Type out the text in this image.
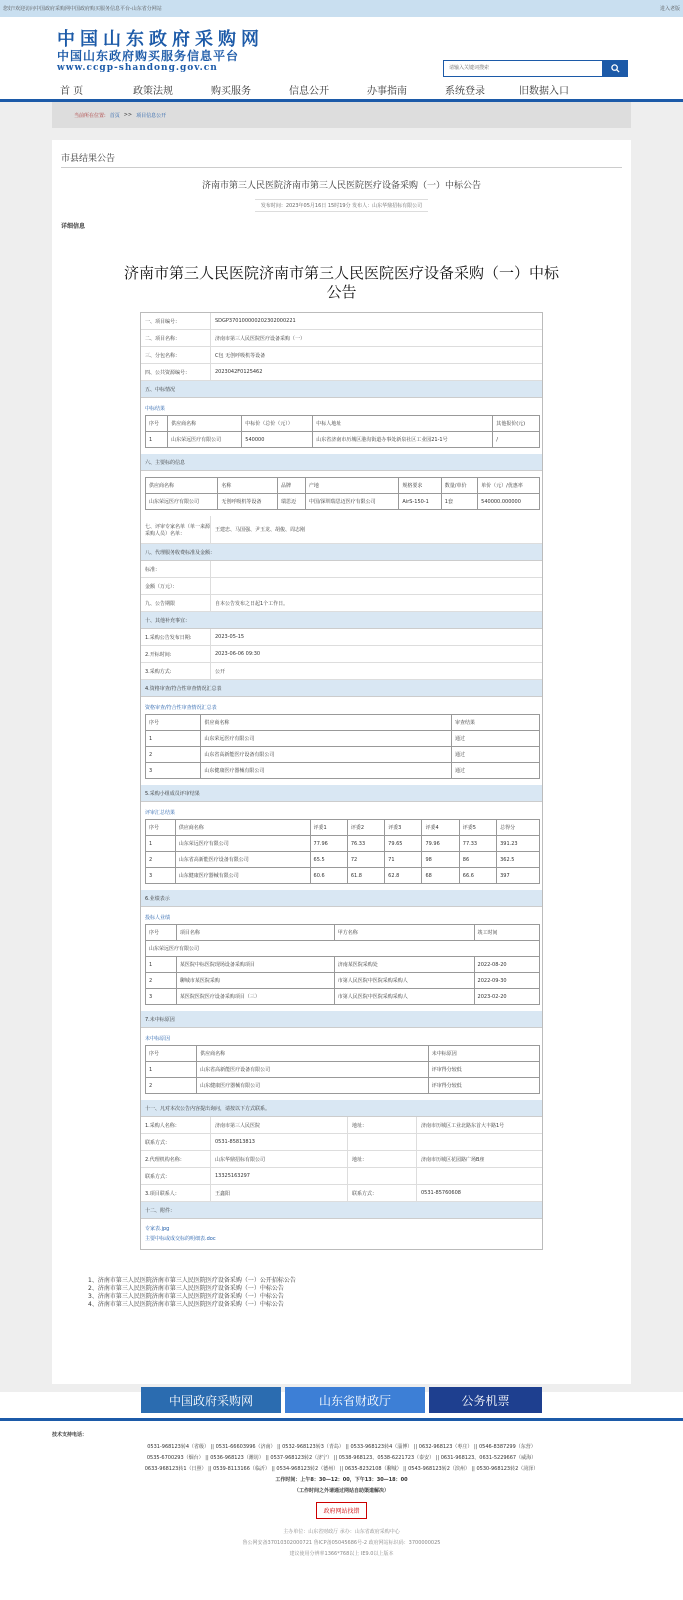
您好!欢迎访问中国政府采购网中国政府购买服务信息平台-山东省分网站	进入老版
中国山东政府采购网
中国山东政府购买服务信息平台
www.ccgp-shandong.gov.cn	请输入关键词搜索
首 页	政策法规	购买服务	信息公开	办事指南	系统登录	旧数据入口
当前所在位置: 首页 >> 项目信息公开
市县结果公告
济南市第三人民医院济南市第三人民医院医疗设备采购（一）中标公告
发布时间：2023年05月16日 15时19分 发布人：山东华鼎招标有限公司
详细信息
济南市第三人民医院济南市第三人民医院医疗设备采购（一）中标公告
一、项目编号：	SDGP370100000202302000221
二、项目名称：	济南市第三人民医院医疗设备采购（一）
三、分包名称：	C包 无创呼吸机等设备
四、公共资源编号：	2023042F0125462
五、中标情况
中标结果
序号	供应商名称	中标价（总价（元））	中标人地址	其他报价(元)
1	山东荣远医疗有限公司	540000	山东省济南市历城区港沟街道办事处新泉社区工业园21-1号	/
六、主要标的信息
供应商名称	名称	品牌	产地	规格要求	数量/单价	单价（元）/优惠率
山东荣远医疗有限公司	无创呼吸机等设备	瑞思迈	中国/深圳瑞思迈医疗有限公司	AirS-150-1	1套	540000.000000
七、评审专家名单（单一来源采购人员）名单：
王建忠、马国强、尹玉龙、胡俊、周志刚
八、代理服务收费标准及金额：
标准：
金额（万元）：
九、公告期限	自本公告发布之日起1个工作日。
十、其他补充事宜：
1.采购公告发布日期:	2023-05-15
2.开标时间:	2023-06-06 09:30
3.采购方式:	公开
4.资格审查/符合性审查情况汇总表
资格审查/符合性审查情况汇总表
序号	供应商名称	审查结果
1	山东荣远医疗有限公司	通过
2	山东省高新能医疗设备有限公司	通过
3	山东健康医疗器械有限公司	通过
5.采购小组成员评审结果
评审汇总结果
序号	供应商名称	评委1	评委2	评委3	评委4	评委5	总得分
1	山东荣远医疗有限公司	77.96	76.33	79.65	79.96	77.33	391.23
2	山东省高新能医疗设备有限公司	65.5	72	71	98	86	362.5
3	山东健康医疗器械有限公司	60.6	61.8	62.8	68	66.6	397
6.业绩表示
投标人业绩
序号	项目名称	甲方名称	竣工时间
山东荣远医疗有限公司			
1	某医院中标医院现场设备采购项目	济南某医院采购处	2022-08-20
2	聊城市某医院采购	市第人民医院中医院采购采购人	2022-09-30
3	某医院医院医疗设备采购项目（三）	市第人民医院中医院采购采购人	2023-02-20
7.未中标原因
未中标原因
序号	供应商名称	未中标原因
1	山东省高新能医疗设备有限公司	评审得分较低
2	山东健康医疗器械有限公司	评审得分较低
十一、凡对本次公告内容提出询问，请按以下方式联系。
1.采购人名称：	济南市第三人民医院	地址：	济南市历城区工业北路东首大丰路1号
联系方式：	0531-85813813
2.代理机构名称：	山东华鼎招标有限公司	地址：	济南市历城区花园路广场B座
联系方式：	13325163297
3.项目联系人：	王鑫阳	联系方式：	0531-85760608
十二、附件：
专家表.jpg
主要中标或成交标的明细表.doc
1、济南市第三人民医院济南市第三人民医院医疗设备采购（一）公开招标公告
2、济南市第三人民医院济南市第三人民医院医疗设备采购（一）中标公告
3、济南市第三人民医院济南市第三人民医院医疗设备采购（一）中标公告
4、济南市第三人民医院济南市第三人民医院医疗设备采购（一）中标公告
中国政府采购网	山东省财政厅	公务机票
技术支持电话：
0531-968123转4（省级） || 0531-66603996（济南） || 0532-968123转3（青岛） || 0533-968123转4（淄博） || 0632-968123（枣庄） || 0546-8387299（东营）
0535-6700293（烟台） || 0536-968123（潍坊） || 0537-968123转2（济宁） || 0538-968123、0538-6221723（泰安） || 0631-968123、0631-5229667（威海）
0633-968123转1（日照） || 0539-8113166（临沂） || 0534-968123转2（德州） || 0635-8232108（聊城） || 0543-968123转2（滨州） || 0530-968123转2（菏泽）
工作时间：上午8：30—12：00，下午13：30—18：00
（工作时间之外请通过网站自助渠道解决）
政府网站找错
主办单位：山东省财政厅 承办：山东省政府采购中心
鲁公网安备37010302000721 鲁ICP备05045686号-2 政府网站标识码：3700000025
建议使用分辨率1366*768以上 IE9.0以上版本
